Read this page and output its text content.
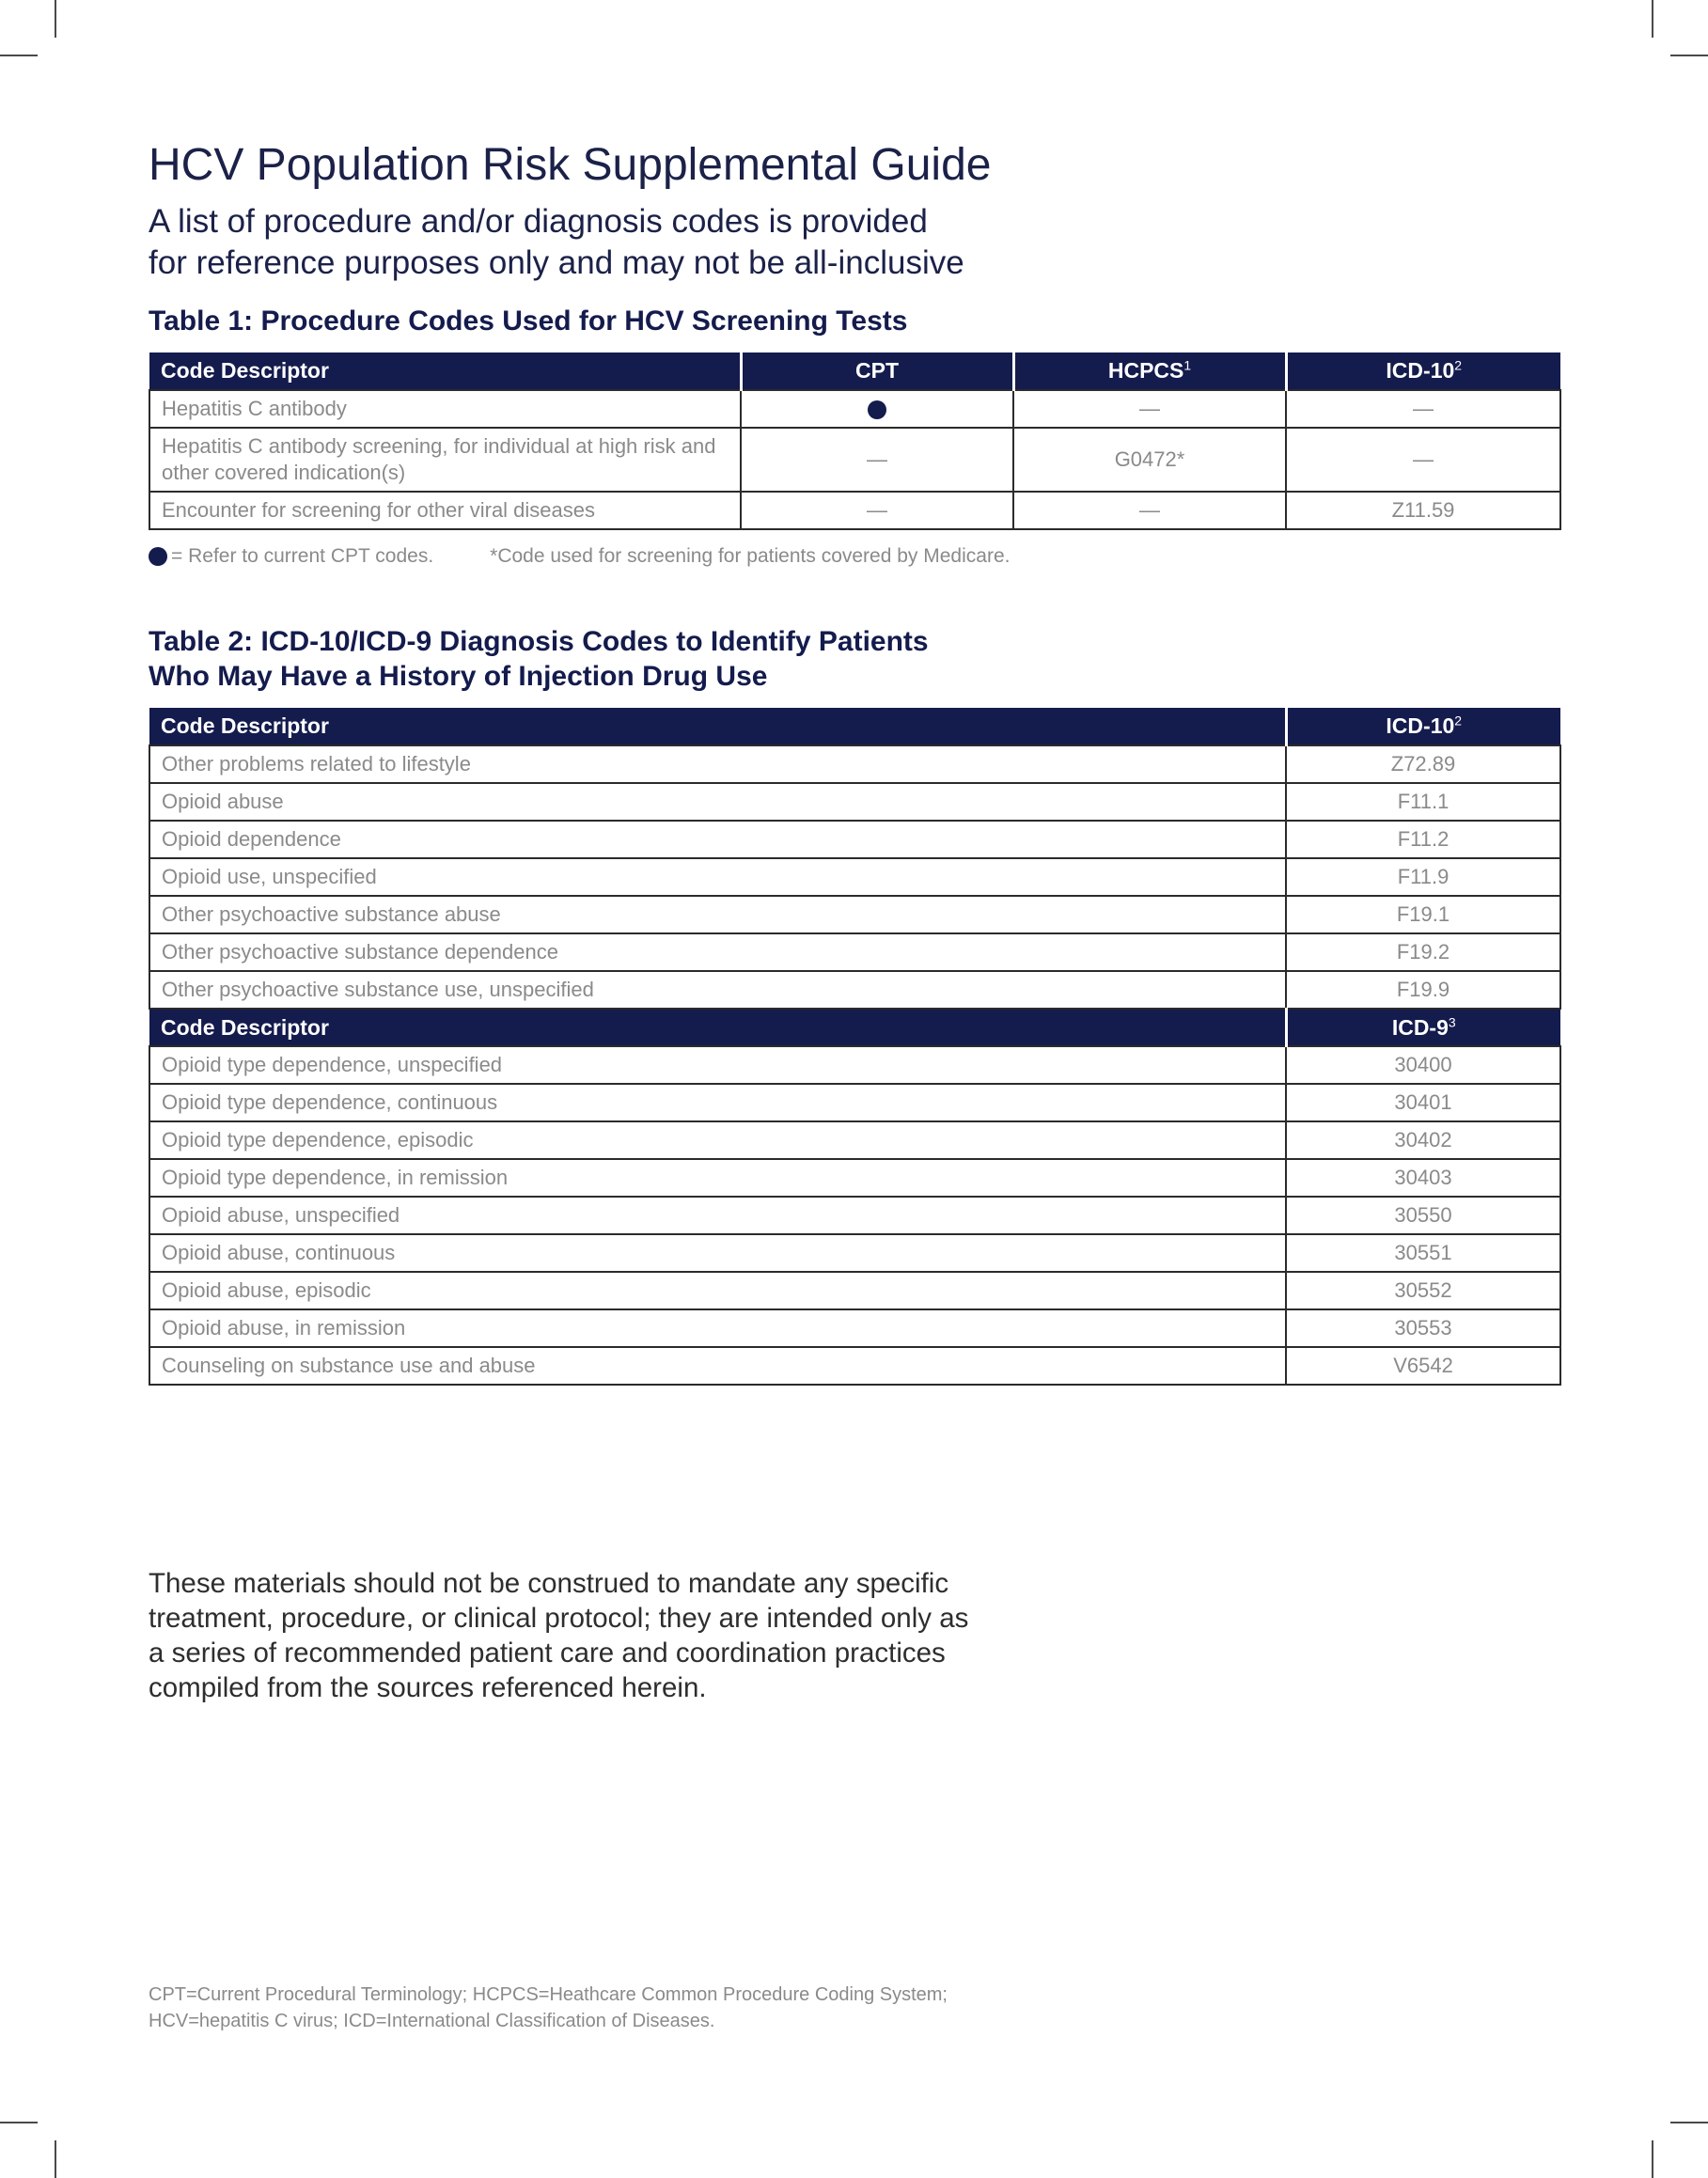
HCV Population Risk Supplemental Guide
A list of procedure and/or diagnosis codes is provided
for reference purposes only and may not be all-inclusive
Table 1: Procedure Codes Used for HCV Screening Tests
Code Descriptor	CPT	HCPCS$^1$	ICD-$10^2$
Hepatitis C antibody		—	—
Hepatitis C antibody screening, for individual at high risk and other covered indication(s)	—	G0472*	—
Encounter for screening for other viral diseases	—	—	Z11.59
= Refer to current CPT codes.	*Code used for screening for patients covered by Medicare.
Table 2: ICD-10/ICD-9 Diagnosis Codes to Identify Patients
Who May Have a History of Injection Drug Use
Code Descriptor	ICD-$10^2$
Other problems related to lifestyle	Z72.89
Opioid abuse	F11.1
Opioid dependence	F11.2
Opioid use, unspecified	F11.9
Other psychoactive substance abuse	F19.1
Other psychoactive substance dependence	F19.2
Other psychoactive substance use, unspecified	F19.9
Code Descriptor	ICD-$9^3$
Opioid type dependence, unspecified	30400
Opioid type dependence, continuous	30401
Opioid type dependence, episodic	30402
Opioid type dependence, in remission	30403
Opioid abuse, unspecified	30550
Opioid abuse, continuous	30551
Opioid abuse, episodic	30552
Opioid abuse, in remission	30553
Counseling on substance use and abuse	V6542
These materials should not be construed to mandate any specific
treatment, procedure, or clinical protocol; they are intended only as
a series of recommended patient care and coordination practices
compiled from the sources referenced herein.
CPT=Current Procedural Terminology; HCPCS=Heathcare Common Procedure Coding System;
HCV=hepatitis C virus; ICD=International Classification of Diseases.
